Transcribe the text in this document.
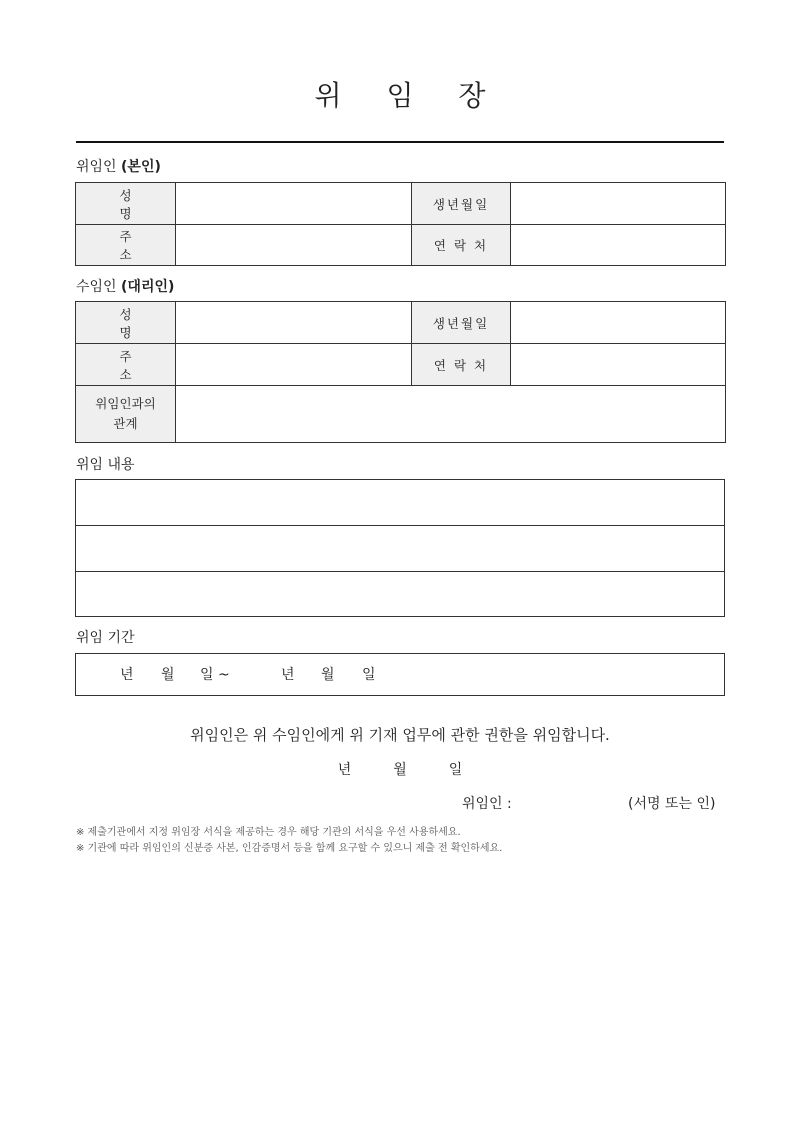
위 임 장
위임인 (본인)
성 명		생년월일	
주 소		연 락 처	
수임인 (대리인)
성 명		생년월일	
주 소		연 락 처	
위임인과의
관계			
위임 내용
위임 기간
년 월 일 ~	년 월 일
위임인은 위 수임인에게 위 기재 업무에 관한 권한을 위임합니다.
년	월	일
위임인 :	(서명 또는 인)
※ 제출기관에서 지정 위임장 서식을 제공하는 경우 해당 기관의 서식을 우선 사용하세요.
※ 기관에 따라 위임인의 신분증 사본, 인감증명서 등을 함께 요구할 수 있으니 제출 전 확인하세요.
